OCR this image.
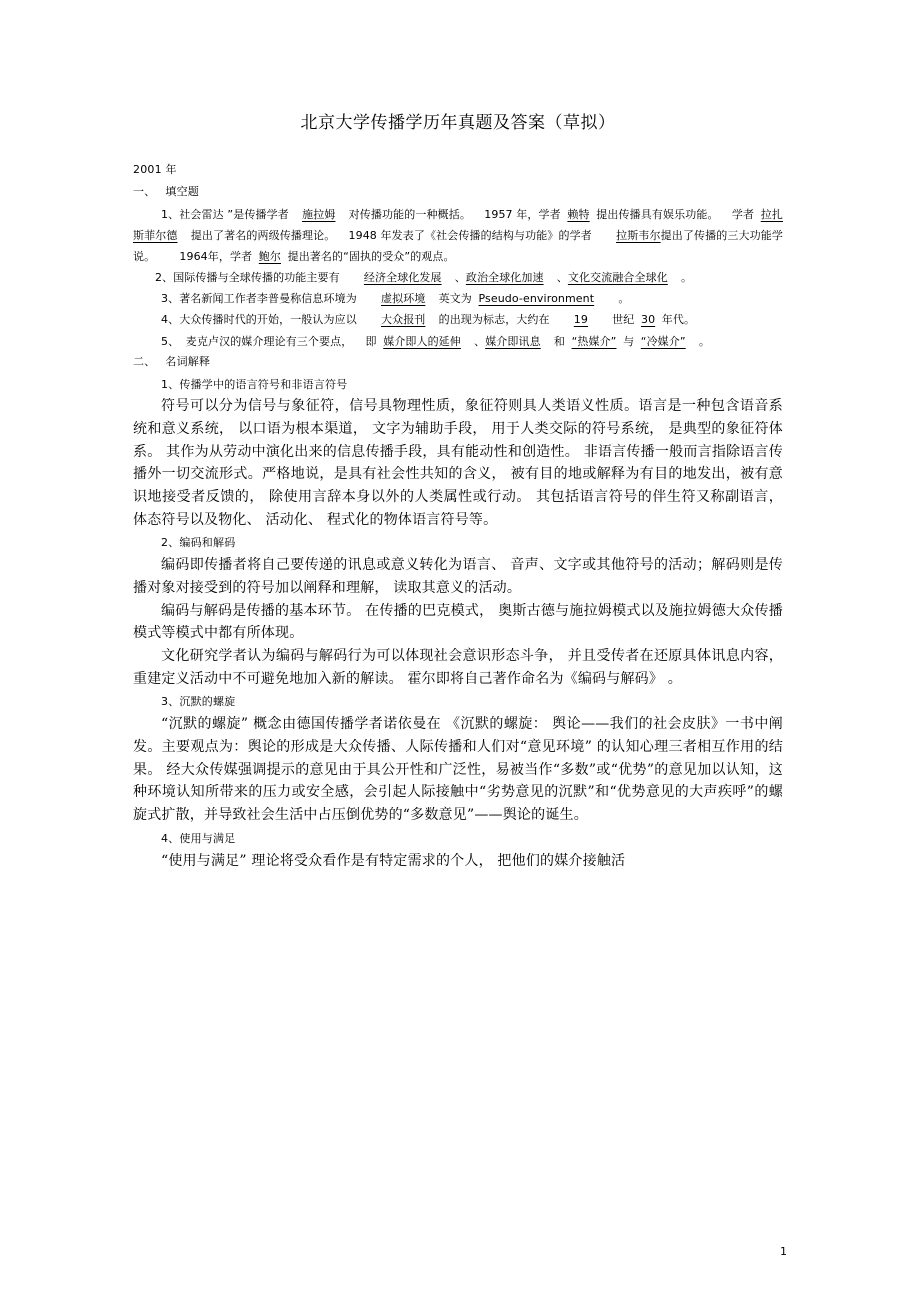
北京大学传播学历年真题及答案（草拟）

2001 年

一、 填空题

1、社会雷达 ”是传播学者 施拉姆 对传播功能的一种概括。 1957 年，学者 赖特 提出传播具有娱乐功能。 学者 拉扎斯菲尔德 提出了著名的两级传播理论。 1948 年发表了《社会传播的结构与功能》的学者 拉斯韦尔提出了传播的三大功能学说。 1964年，学者 鲍尔 提出著名的“固执的受众”的观点。

2、国际传播与全球传播的功能主要有 经济全球化发展 、政治全球化加速 、文化交流融合全球化 。

3、著名新闻工作者李普曼称信息环境为 虚拟环境 英文为 Pseudo-environment 。

4、大众传播时代的开始，一般认为应以 大众报刊 的出现为标志，大约在 19 世纪 30 年代。

5、 麦克卢汉的媒介理论有三个要点， 即 媒介即人的延伸 、媒介即讯息 和 “热媒介” 与 “冷媒介” 。

二、 名词解释

1、传播学中的语言符号和非语言符号

符号可以分为信号与象征符，信号具物理性质，象征符则具人类语义性质。语言是一种包含语音系统和意义系统， 以口语为根本渠道， 文字为辅助手段， 用于人类交际的符号系统， 是典型的象征符体系。 其作为从劳动中演化出来的信息传播手段，具有能动性和创造性。 非语言传播一般而言指除语言传播外一切交流形式。严格地说，是具有社会性共知的含义， 被有目的地或解释为有目的地发出，被有意识地接受者反馈的， 除使用言辞本身以外的人类属性或行动。 其包括语言符号的伴生符又称副语言， 体态符号以及物化、 活动化、 程式化的物体语言符号等。

2、编码和解码

编码即传播者将自己要传递的讯息或意义转化为语言、 音声、文字或其他符号的活动；解码则是传播对象对接受到的符号加以阐释和理解， 读取其意义的活动。

编码与解码是传播的基本环节。 在传播的巴克模式， 奥斯古德与施拉姆模式以及施拉姆德大众传播模式等模式中都有所体现。

文化研究学者认为编码与解码行为可以体现社会意识形态斗争， 并且受传者在还原具体讯息内容， 重建定义活动中不可避免地加入新的解读。 霍尔即将自己著作命名为《编码与解码》 。

3、沉默的螺旋

“沉默的螺旋” 概念由德国传播学者诺依曼在 《沉默的螺旋： 舆论——我们的社会皮肤》一书中阐发。主要观点为：舆论的形成是大众传播、人际传播和人们对“意见环境” 的认知心理三者相互作用的结果。 经大众传媒强调提示的意见由于具公开性和广泛性，易被当作“多数”或“优势”的意见加以认知，这种环境认知所带来的压力或安全感，会引起人际接触中“劣势意见的沉默”和“优势意见的大声疾呼”的螺旋式扩散，并导致社会生活中占压倒优势的“多数意见”——舆论的诞生。

4、使用与满足

“使用与满足” 理论将受众看作是有特定需求的个人， 把他们的媒介接触活

1
